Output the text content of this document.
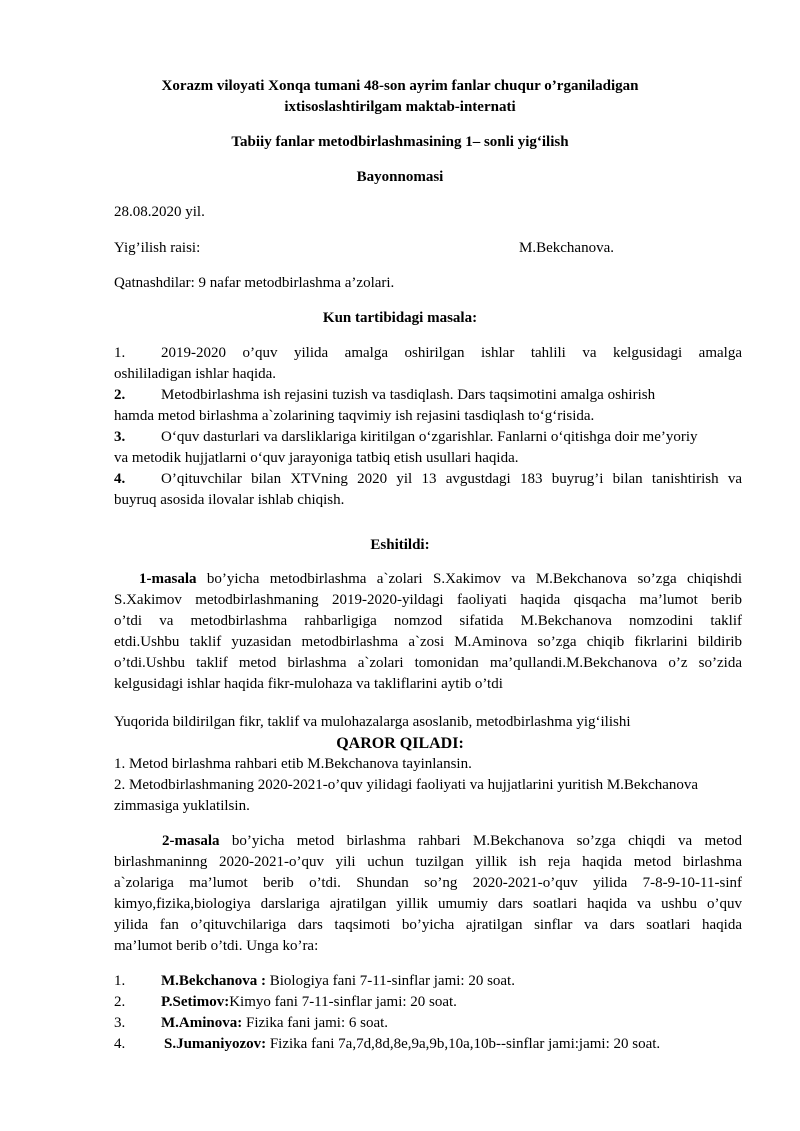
Xorazm viloyati Xonqa tumani 48-son ayrim fanlar chuqur o’rganiladigan
ixtisoslashtirilgam maktab-internati
Tabiiy fanlar metodbirlashmasining 1– sonli yig‘ilish
Bayonnomasi
28.08.2020 yil.
Yig’ilish raisi:	M.Bekchanova.
Qatnashdilar: 9 nafar metodbirlashma a’zolari.
Kun tartibidagi masala:
1. 2019-2020 o’quv yilida amalga oshirilgan ishlar tahlili va kelgusidagi amalga
oshililadigan ishlar haqida.
2. Metodbirlashma ish rejasini tuzish va tasdiqlash. Dars taqsimotini amalga oshirish
hamda metod birlashma a`zolarining taqvimiy ish rejasini tasdiqlash to‘g‘risida.
3. O‘quv dasturlari va darsliklariga kiritilgan o‘zgarishlar. Fanlarni o‘qitishga doir me’yoriy
va metodik hujjatlarni o‘quv jarayoniga tatbiq etish usullari haqida.
4. O’qituvchilar bilan XTVning 2020 yil 13 avgustdagi 183 buyrug’i bilan tanishtirish va
buyruq asosida ilovalar ishlab chiqish.
Eshitildi:
1-masala bo’yicha metodbirlashma a`zolari S.Xakimov va M.Bekchanova so’zga chiqishdi
S.Xakimov metodbirlashmaning 2019-2020-yildagi faoliyati haqida qisqacha ma’lumot berib
o’tdi va metodbirlashma rahbarligiga nomzod sifatida M.Bekchanova nomzodini taklif
etdi.Ushbu taklif yuzasidan metodbirlashma a`zosi M.Aminova so’zga chiqib fikrlarini bildirib
o’tdi.Ushbu taklif metod birlashma a`zolari tomonidan ma’qullandi.M.Bekchanova o’z so’zida
kelgusidagi ishlar haqida fikr-mulohaza va takliflarini aytib o’tdi
Yuqorida bildirilgan fikr, taklif va mulohazalarga asoslanib, metodbirlashma yig‘ilishi
QAROR QILADI:
1. Metod birlashma rahbari etib M.Bekchanova tayinlansin.
2. Metodbirlashmaning 2020-2021-o’quv yilidagi faoliyati va hujjatlarini yuritish M.Bekchanova
zimmasiga yuklatilsin.
2-masala bo’yicha metod birlashma rahbari M.Bekchanova so’zga chiqdi va metod
birlashmaninng 2020-2021-o’quv yili uchun tuzilgan yillik ish reja haqida metod birlashma
a`zolariga ma’lumot berib o’tdi. Shundan so’ng 2020-2021-o’quv yilida 7-8-9-10-11-sinf
kimyo,fizika,biologiya darslariga ajratilgan yillik umumiy dars soatlari haqida va ushbu o’quv
yilida fan o’qituvchilariga dars taqsimoti bo’yicha ajratilgan sinflar va dars soatlari haqida
ma’lumot berib o’tdi. Unga ko’ra:
1. M.Bekchanova : Biologiya fani 7-11-sinflar jami: 20 soat.
2. P.Setimov:Kimyo fani 7-11-sinflar jami: 20 soat.
3. M.Aminova: Fizika fani jami: 6 soat.
4.	S.Jumaniyozov: Fizika fani 7a,7d,8d,8e,9a,9b,10a,10b--sinflar jami:jami: 20 soat.
